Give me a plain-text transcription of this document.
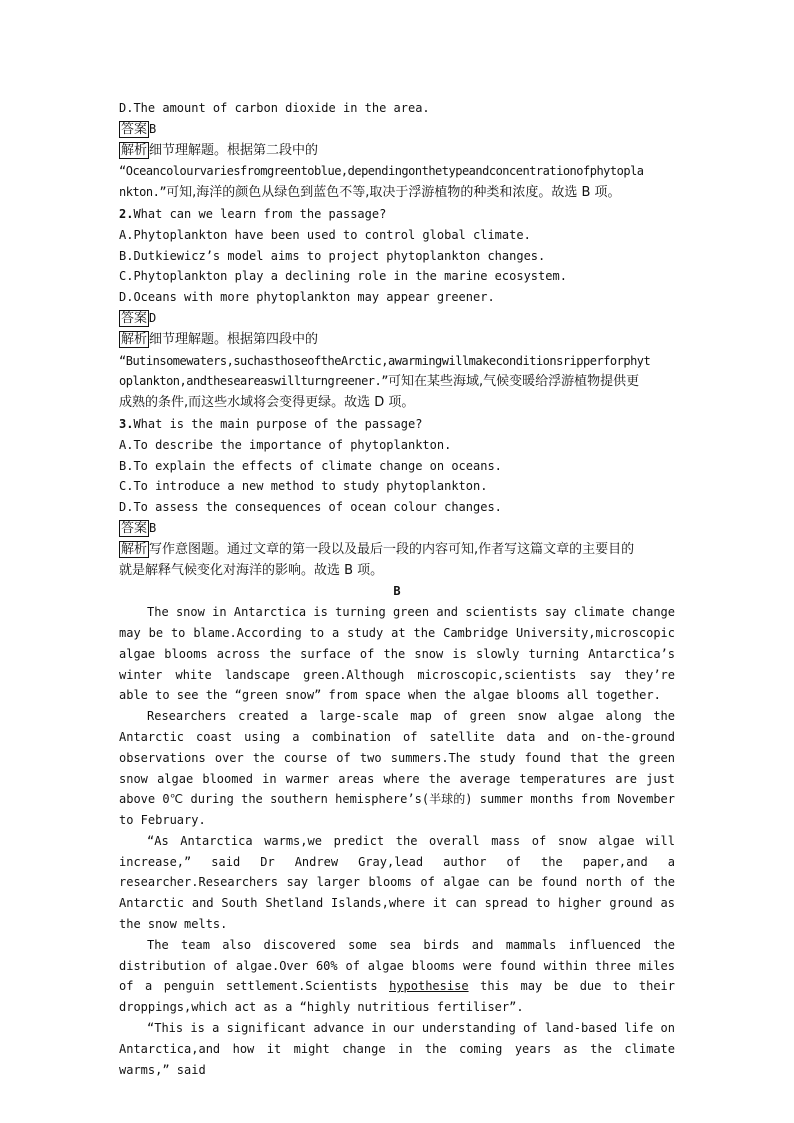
D.The amount of carbon dioxide in the area.
答案 B
解析 细节理解题。根据第二段中的
“Oceancolourvariesfromgreentoblue,dependingonthetypeandconcentrationofphytopla
nkton.”可知,海洋的颜色从绿色到蓝色不等,取决于浮游植物的种类和浓度。故选 B 项。
2.What can we learn from the passage?
A.Phytoplankton have been used to control global climate.
B.Dutkiewicz’s model aims to project phytoplankton changes.
C.Phytoplankton play a declining role in the marine ecosystem.
D.Oceans with more phytoplankton may appear greener.
答案 D
解析 细节理解题。根据第四段中的
“Butinsomewaters,suchasthoseoftheArctic,awarmingwillmakeconditionsripperforphyt
oplankton,andtheseareaswillturngreener.”可知在某些海域,气候变暖给浮游植物提供更
成熟的条件,而这些水域将会变得更绿。故选 D 项。
3.What is the main purpose of the passage?
A.To describe the importance of phytoplankton.
B.To explain the effects of climate change on oceans.
C.To introduce a new method to study phytoplankton.
D.To assess the consequences of ocean colour changes.
答案 B
解析 写作意图题。通过文章的第一段以及最后一段的内容可知,作者写这篇文章的主要目的
就是解释气候变化对海洋的影响。故选 B 项。
B
The snow in Antarctica is turning green and scientists say climate change may be to blame.According to a study at the Cambridge University,microscopic algae blooms across the surface of the snow is slowly turning Antarctica’s winter white landscape green.Although microscopic,scientists say they’re able to see the “green snow” from space when the algae blooms all together.
Researchers created a large-scale map of green snow algae along the Antarctic coast using a combination of satellite data and on-the-ground observations over the course of two summers.The study found that the green snow algae bloomed in warmer areas where the average temperatures are just above 0℃ during the southern hemisphere’s(半球的) summer months from November to February.
“As Antarctica warms,we predict the overall mass of snow algae will increase,” said Dr Andrew Gray,lead author of the paper,and a researcher.Researchers say larger blooms of algae can be found north of the Antarctic and South Shetland Islands,where it can spread to higher ground as the snow melts.
The team also discovered some sea birds and mammals influenced the distribution of algae.Over 60% of algae blooms were found within three miles of a penguin settlement.Scientists hypothesise this may be due to their droppings,which act as a “highly nutritious fertiliser”.
“This is a significant advance in our understanding of land-based life on Antarctica,and how it might change in the coming years as the climate warms,” said
